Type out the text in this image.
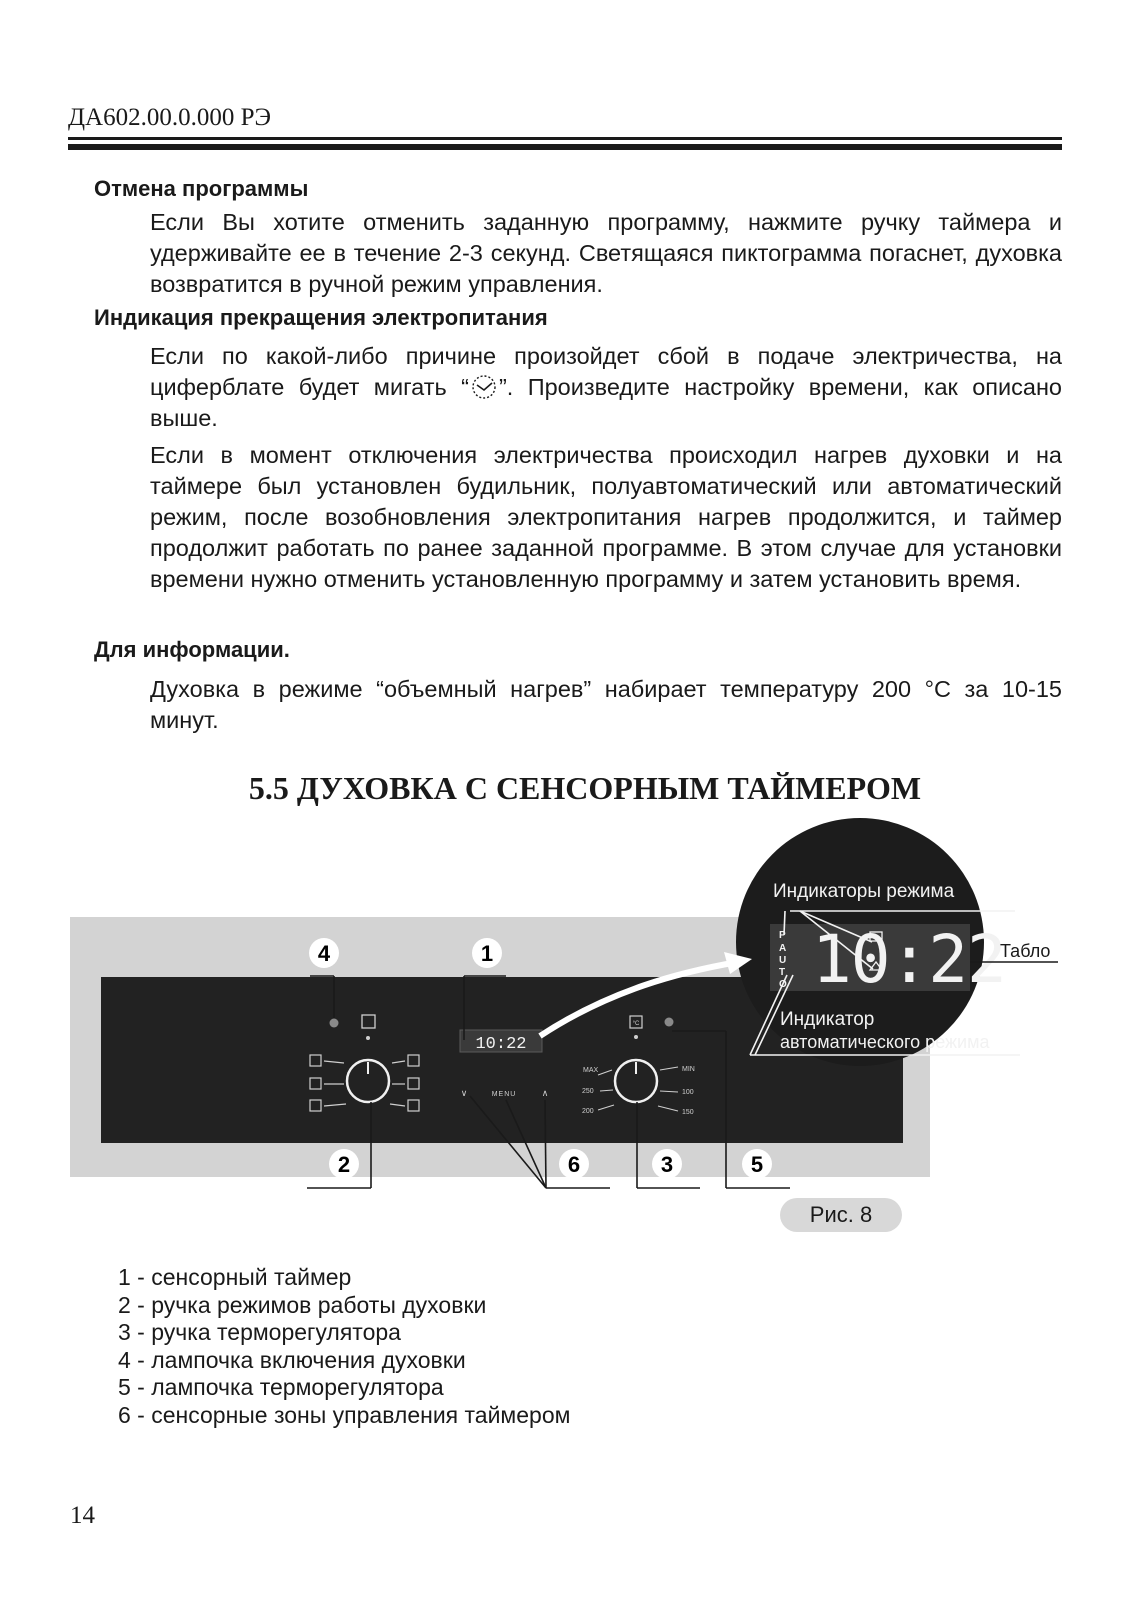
ДА602.00.0.000 РЭ
Отмена программы

Если Вы хотите отменить заданную программу, нажмите ручку таймера и удерживайте ее в течение 2-3 секунд. Светящаяся пиктограмма погаснет, духовка возвратится в ручной режим управления.

Индикация прекращения электропитания

Если по какой-либо причине произойдет сбой в подаче электричества, на циферблате будет мигать “ ”. Произведите настройку времени, как описано выше.

Если в момент отключения электричества происходил нагрев духовки и на таймере был установлен будильник, полуавтоматический или автоматический режим, после возобновления электропитания нагрев продолжится, и таймер продолжит работать по ранее заданной программе. В этом случае для установки времени нужно отменить установленную программу и затем установить время.

Для информации.

Духовка в режиме “объемный нагрев” набирает температуру 200 °С за 10-15 минут.

5.5 ДУХОВКА С СЕНСОРНЫМ ТАЙМЕРОМ
10:22
∨	MENU	∧
°C
MAX
250
200
MIN
100
150
Индикаторы режима
10:22
P
A
U
T
O
Индикатор
автоматического режима
Табло
4	1
2	6	3	5
Рис. 8
1 - сенсорный таймер
2 - ручка режимов работы духовки
3 - ручка терморегулятора
4 - лампочка включения духовки
5 - лампочка терморегулятора
6 - сенсорные зоны управления таймером
14
